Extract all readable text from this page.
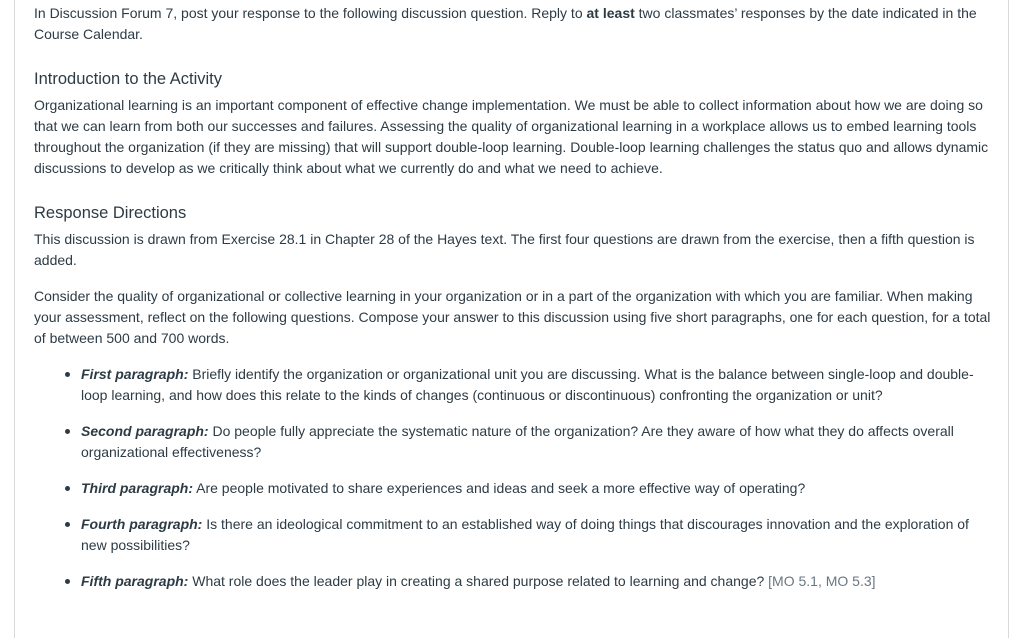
In Discussion Forum 7, post your response to the following discussion question. Reply to at least two classmates’ responses by the date indicated in the Course Calendar.

Introduction to the Activity

Organizational learning is an important component of effective change implementation. We must be able to collect information about how we are doing so that we can learn from both our successes and failures. Assessing the quality of organizational learning in a workplace allows us to embed learning tools throughout the organization (if they are missing) that will support double-loop learning. Double-loop learning challenges the status quo and allows dynamic discussions to develop as we critically think about what we currently do and what we need to achieve.

Response Directions

This discussion is drawn from Exercise 28.1 in Chapter 28 of the Hayes text. The first four questions are drawn from the exercise, then a fifth question is added.

Consider the quality of organizational or collective learning in your organization or in a part of the organization with which you are familiar. When making your assessment, reflect on the following questions. Compose your answer to this discussion using five short paragraphs, one for each question, for a total of between 500 and 700 words.

First paragraph: Briefly identify the organization or organizational unit you are discussing. What is the balance between single-loop and double-loop learning, and how does this relate to the kinds of changes (continuous or discontinuous) confronting the organization or unit?
Second paragraph: Do people fully appreciate the systematic nature of the organization? Are they aware of how what they do affects overall organizational effectiveness?
Third paragraph: Are people motivated to share experiences and ideas and seek a more effective way of operating?
Fourth paragraph: Is there an ideological commitment to an established way of doing things that discourages innovation and the exploration of new possibilities?
Fifth paragraph: What role does the leader play in creating a shared purpose related to learning and change? [MO 5.1, MO 5.3]
